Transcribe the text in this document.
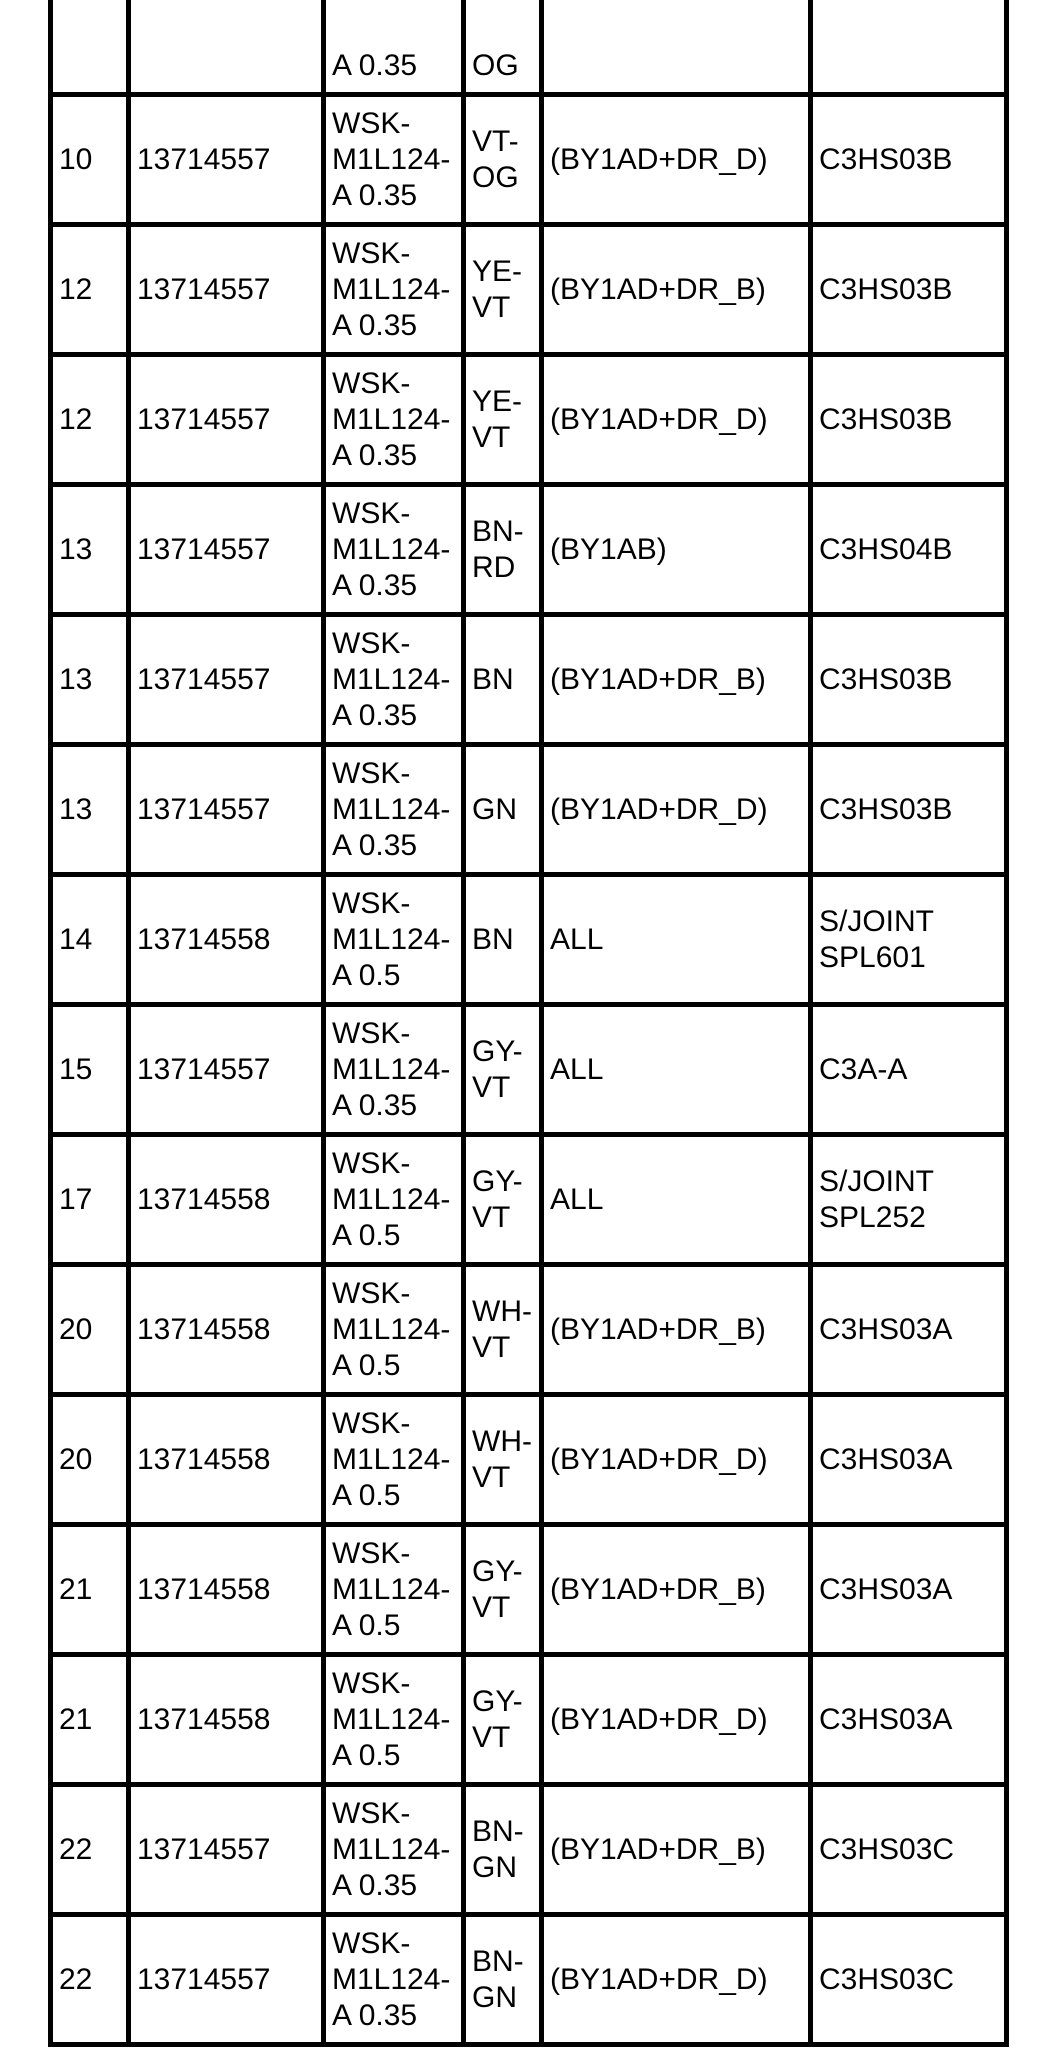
		A 0.35	OG		
10	13714557	WSK-
M1L124-
A 0.35	VT-
OG	(BY1AD+DR_D)	C3HS03B
12	13714557	WSK-
M1L124-
A 0.35	YE-
VT	(BY1AD+DR_B)	C3HS03B
12	13714557	WSK-
M1L124-
A 0.35	YE-
VT	(BY1AD+DR_D)	C3HS03B
13	13714557	WSK-
M1L124-
A 0.35	BN-
RD	(BY1AB)	C3HS04B
13	13714557	WSK-
M1L124-
A 0.35	BN	(BY1AD+DR_B)	C3HS03B
13	13714557	WSK-
M1L124-
A 0.35	GN	(BY1AD+DR_D)	C3HS03B
14	13714558	WSK-
M1L124-
A 0.5	BN	ALL	S/JOINT
SPL601
15	13714557	WSK-
M1L124-
A 0.35	GY-
VT	ALL	C3A-A
17	13714558	WSK-
M1L124-
A 0.5	GY-
VT	ALL	S/JOINT
SPL252
20	13714558	WSK-
M1L124-
A 0.5	WH-
VT	(BY1AD+DR_B)	C3HS03A
20	13714558	WSK-
M1L124-
A 0.5	WH-
VT	(BY1AD+DR_D)	C3HS03A
21	13714558	WSK-
M1L124-
A 0.5	GY-
VT	(BY1AD+DR_B)	C3HS03A
21	13714558	WSK-
M1L124-
A 0.5	GY-
VT	(BY1AD+DR_D)	C3HS03A
22	13714557	WSK-
M1L124-
A 0.35	BN-
GN	(BY1AD+DR_B)	C3HS03C
22	13714557	WSK-
M1L124-
A 0.35	BN-
GN	(BY1AD+DR_D)	C3HS03C
